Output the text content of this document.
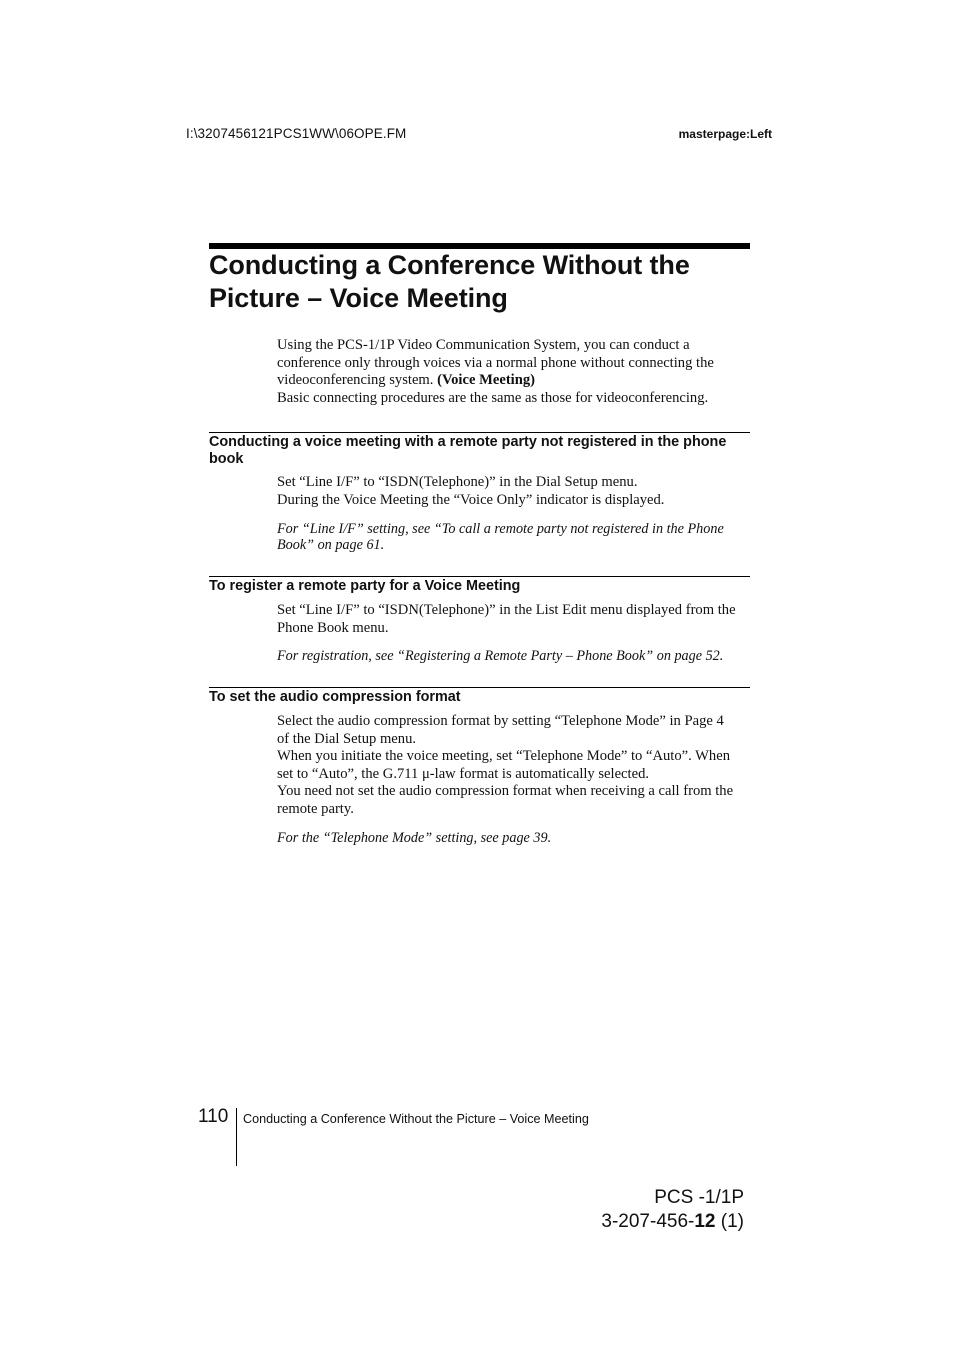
I:\3207456121PCS1WW\06OPE.FM	masterpage:Left
Conducting a Conference Without the
Picture – Voice Meeting

Using the PCS-1/1P Video Communication System, you can conduct a
conference only through voices via a normal phone without connecting the
videoconferencing system. (Voice Meeting)
Basic connecting procedures are the same as those for videoconferencing.

Conducting a voice meeting with a remote party not registered in the phone
book

Set “Line I/F” to “ISDN(Telephone)” in the Dial Setup menu.
During the Voice Meeting the “Voice Only” indicator is displayed.

For “Line I/F” setting, see “To call a remote party not registered in the Phone
Book” on page 61.

To register a remote party for a Voice Meeting

Set “Line I/F” to “ISDN(Telephone)” in the List Edit menu displayed from the
Phone Book menu.

For registration, see “Registering a Remote Party – Phone Book” on page 52.

To set the audio compression format

Select the audio compression format by setting “Telephone Mode” in Page 4
of the Dial Setup menu.
When you initiate the voice meeting, set “Telephone Mode” to “Auto”. When
set to “Auto”, the G.711 μ-law format is automatically selected.
You need not set the audio compression format when receiving a call from the
remote party.

For the “Telephone Mode” setting, see page 39.

110 Conducting a Conference Without the Picture – Voice Meeting
PCS -1/1P
3-207-456-12 (1)
